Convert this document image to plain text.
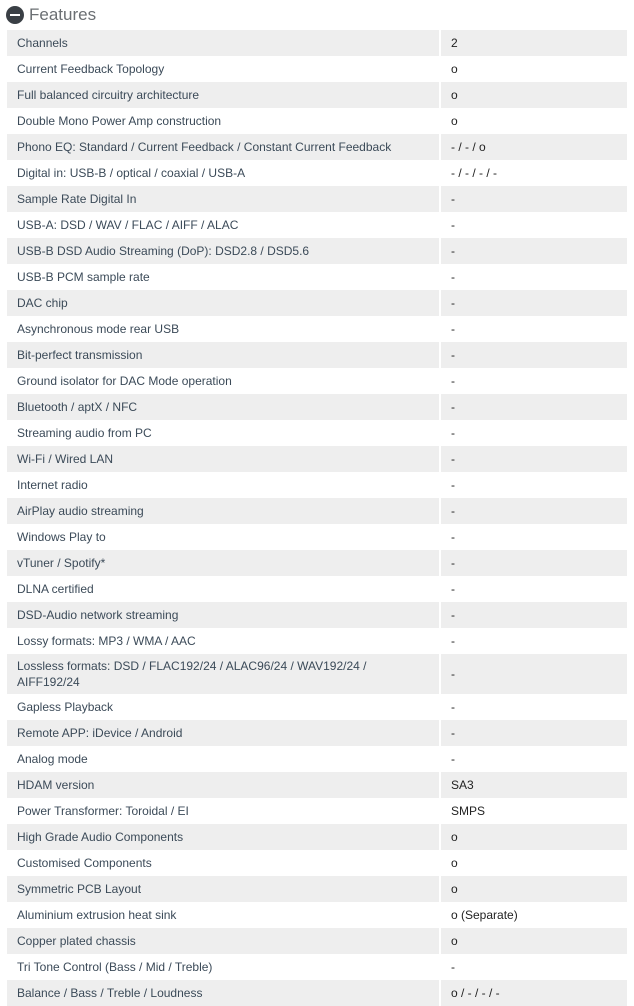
Features
Channels	2
Current Feedback Topology	o
Full balanced circuitry architecture	o
Double Mono Power Amp construction	o
Phono EQ: Standard / Current Feedback / Constant Current Feedback	- / - / o
Digital in: USB-B / optical / coaxial / USB-A	- / - / - / -
Sample Rate Digital In	-
USB-A: DSD / WAV / FLAC / AIFF / ALAC	-
USB-B DSD Audio Streaming (DoP): DSD2.8 / DSD5.6	-
USB-B PCM sample rate	-
DAC chip	-
Asynchronous mode rear USB	-
Bit-perfect transmission	-
Ground isolator for DAC Mode operation	-
Bluetooth / aptX / NFC	-
Streaming audio from PC	-
Wi-Fi / Wired LAN	-
Internet radio	-
AirPlay audio streaming	-
Windows Play to	-
vTuner / Spotify*	-
DLNA certified	-
DSD-Audio network streaming	-
Lossy formats: MP3 / WMA / AAC	-
Lossless formats: DSD / FLAC192/24 / ALAC96/24 / WAV192/24 / AIFF192/24	-
Gapless Playback	-
Remote APP: iDevice / Android	-
Analog mode	-
HDAM version	SA3
Power Transformer: Toroidal / EI	SMPS
High Grade Audio Components	o
Customised Components	o
Symmetric PCB Layout	o
Aluminium extrusion heat sink	o (Separate)
Copper plated chassis	o
Tri Tone Control (Bass / Mid / Treble)	-
Balance / Bass / Treble / Loudness	o / - / - / -
